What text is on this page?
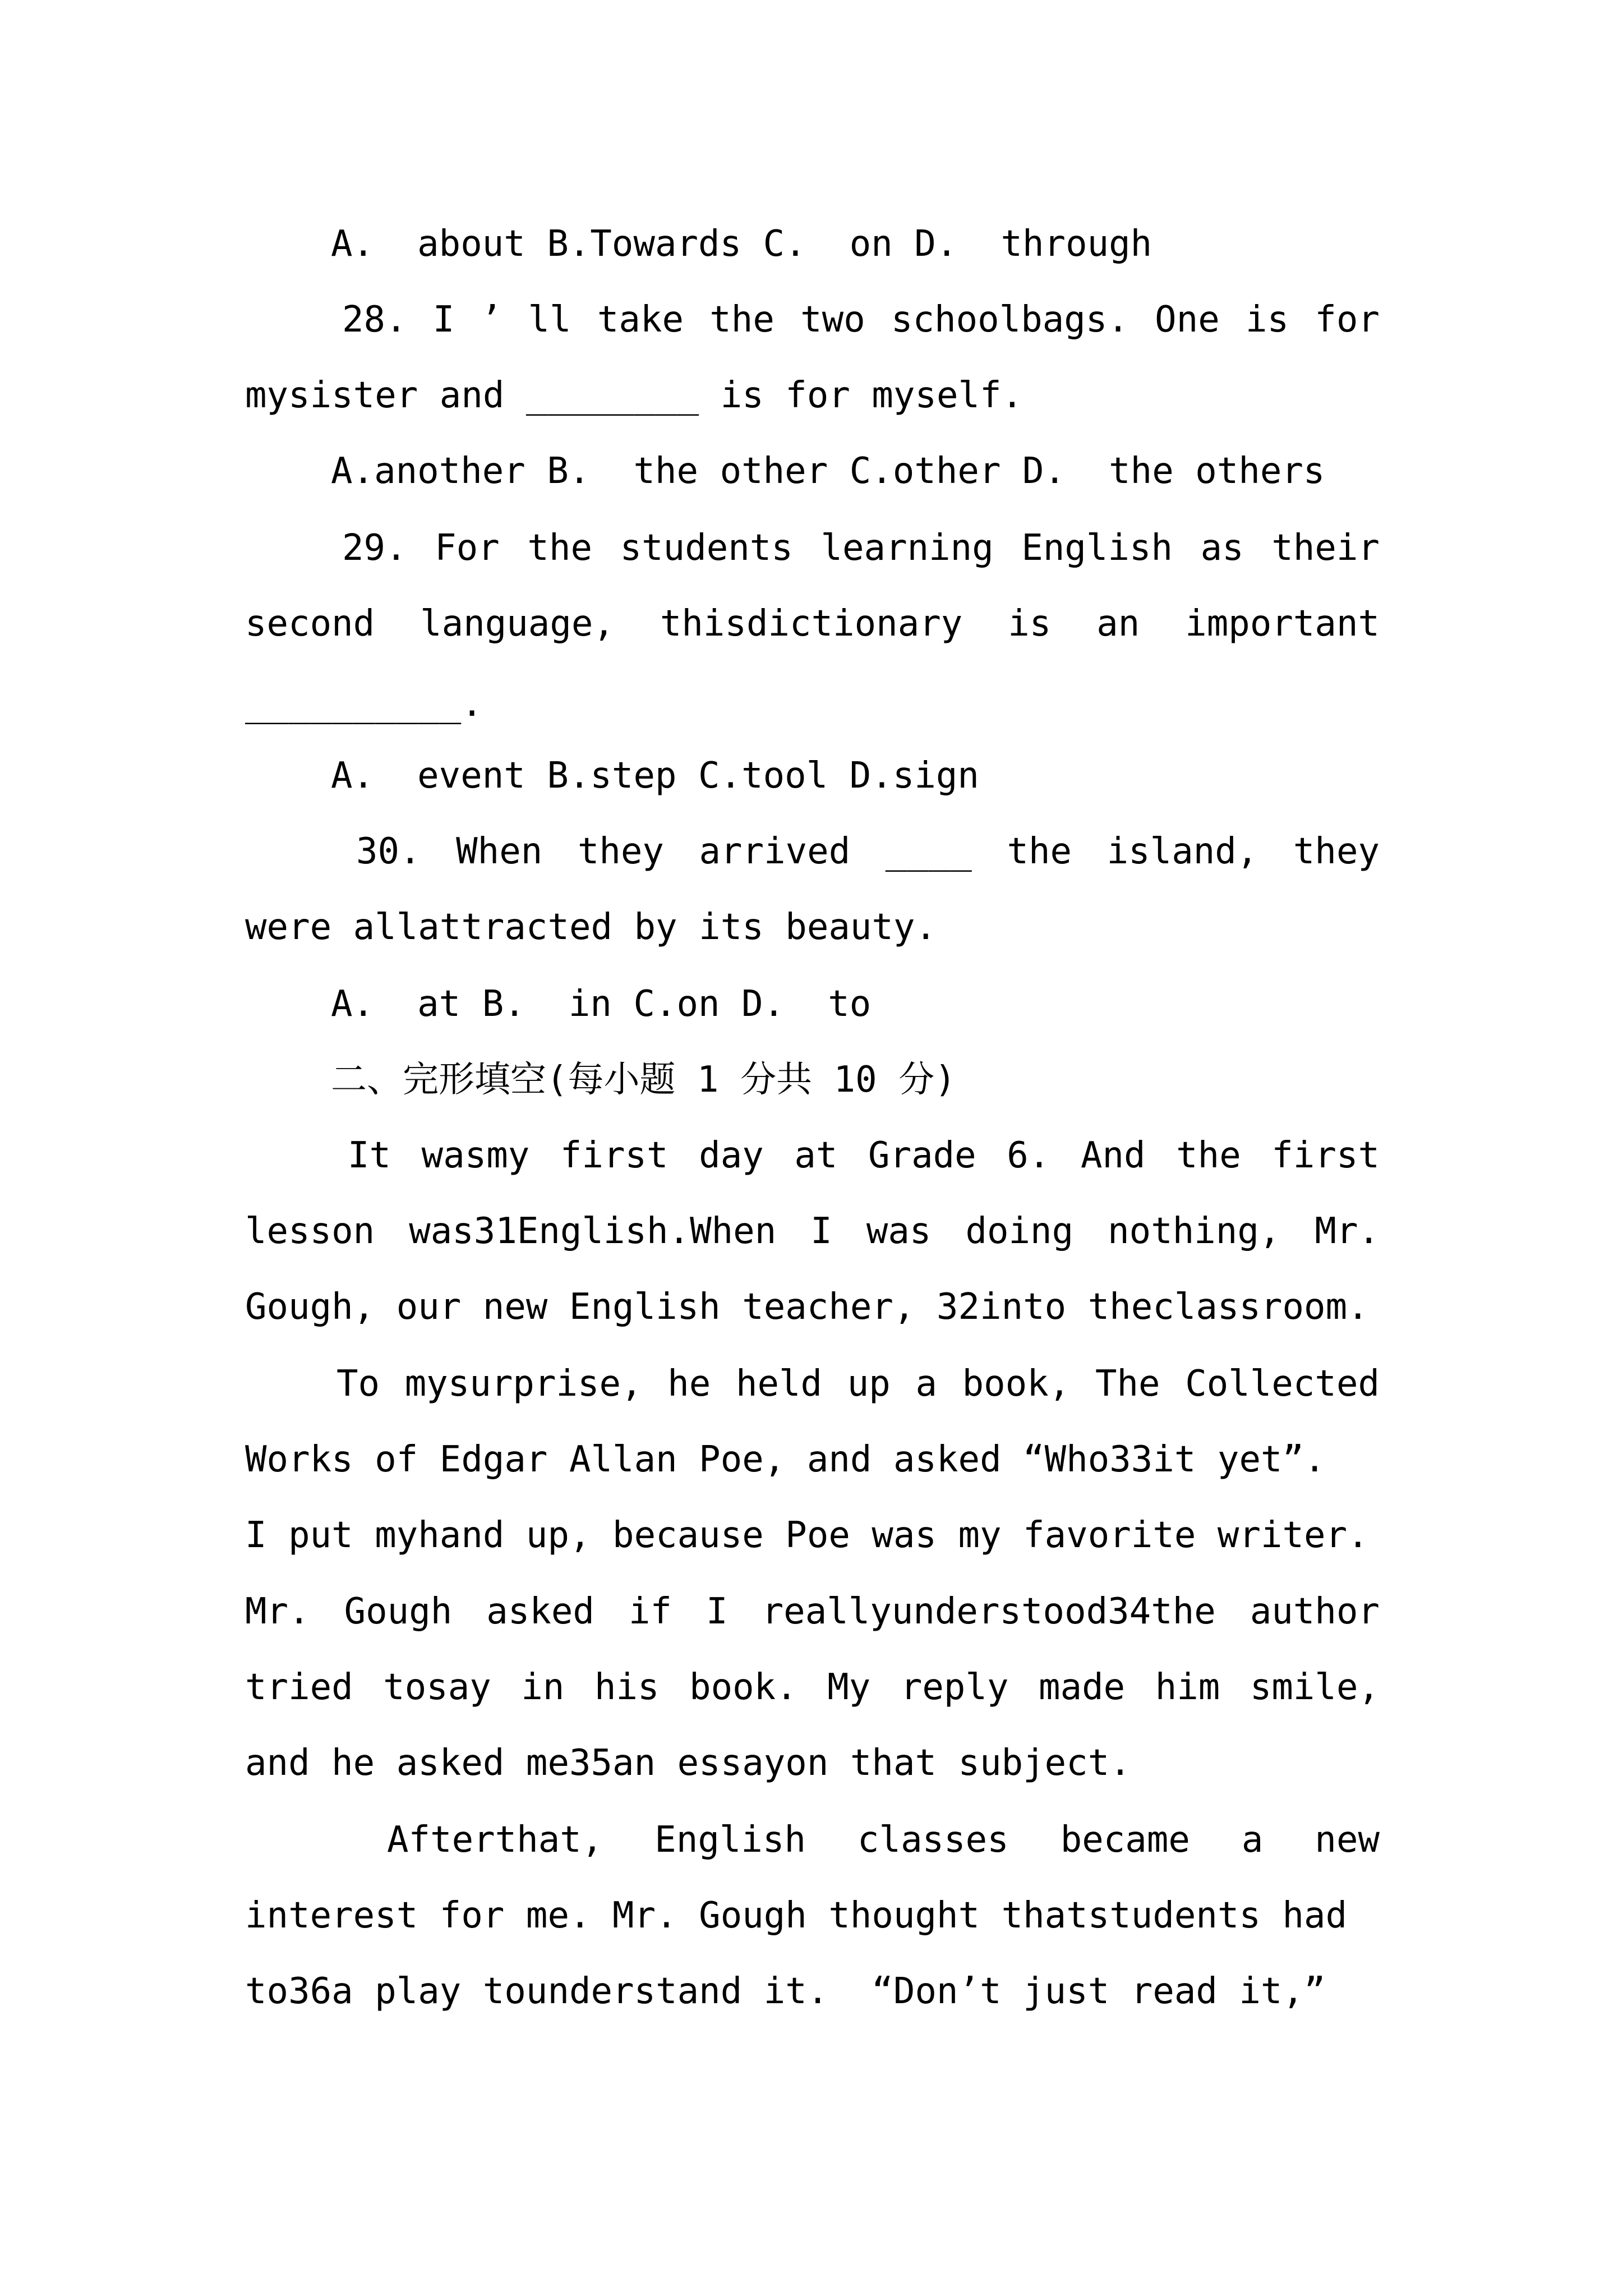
A.  about B.Towards C.  on D.  through
28. I ’ ll take the two schoolbags. One is for
mysister and ________ is for myself.
A.another B.  the other C.other D.  the others
29. For the students learning English as their
second language, thisdictionary is an important
__________.
A.  event B.step C.tool D.sign
30. When they arrived ____ the island, they
were allattracted by its beauty.
A.  at B.  in C.on D.  to
二、完形填空(每小题 1 分共 10 分)
It wasmy first day at Grade 6. And the first
lesson was31English.When I was doing nothing, Mr.
Gough, our new English teacher, 32into theclassroom.
To mysurprise, he held up a book, The Collected
Works of Edgar Allan Poe, and asked “Who33it yet”.
I put myhand up, because Poe was my favorite writer.
Mr. Gough asked if I reallyunderstood34the author
tried tosay in his book. My reply made him smile,
and he asked me35an essayon that subject.
Afterthat, English classes became a new
interest for me. Mr. Gough thought thatstudents had
to36a play tounderstand it.  “Don’t just read it,”
